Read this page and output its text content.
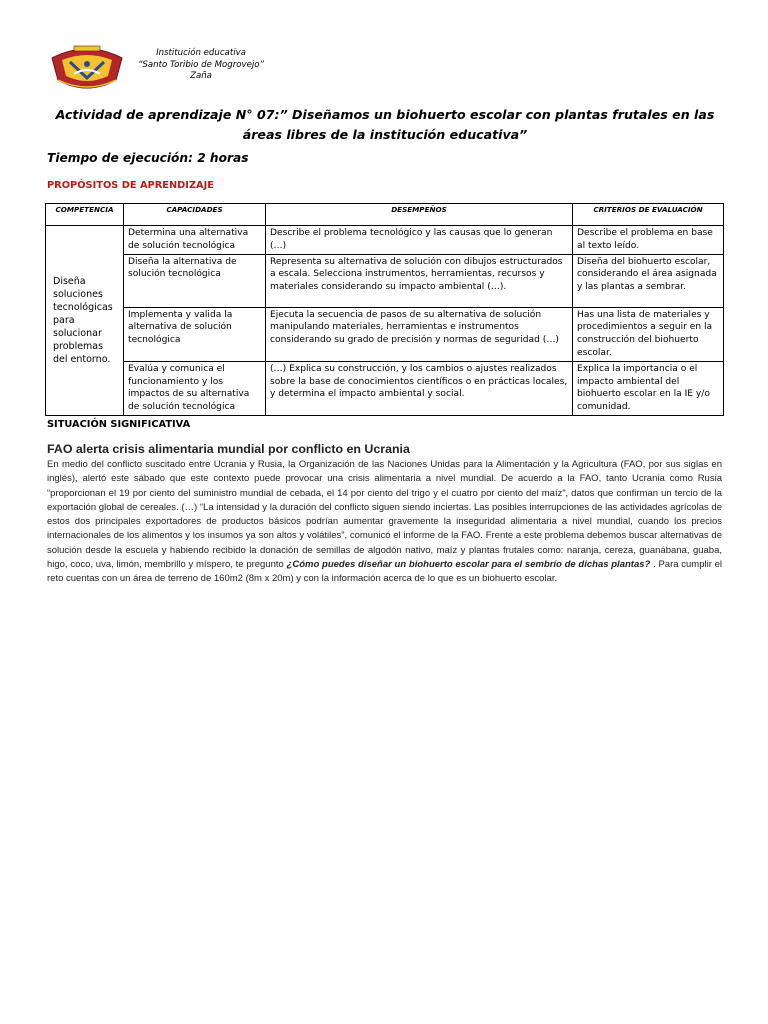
Institución educativa
“Santo Toribio de Mogrovejo”
Zaña
Actividad de aprendizaje N° 07:” Diseñamos un biohuerto escolar con plantas frutales en las áreas libres de la institución educativa”
Tiempo de ejecución: 2 horas
PROPÓSITOS DE APRENDIZAJE
COMPETENCIA	CAPACIDADES	DESEMPEÑOS	CRITERIOS DE EVALUACIÓN
Diseña soluciones tecnológicas para solucionar problemas del entorno.	Determina una alternativa de solución tecnológica	Describe el problema tecnológico y las causas que lo generan (…)	Describe el problema en base al texto leído.
	Diseña la alternativa de solución tecnológica	Representa su alternativa de solución con dibujos estructurados a escala. Selecciona instrumentos, herramientas, recursos y materiales considerando su impacto ambiental (…).	Diseña del biohuerto escolar, considerando el área asignada y las plantas a sembrar.
	Implementa y valida la alternativa de solución tecnológica	Ejecuta la secuencia de pasos de su alternativa de solución manipulando materiales, herramientas e instrumentos considerando su grado de precisión y normas de seguridad (…)	Has una lista de materiales y procedimientos a seguir en la construcción del biohuerto escolar.
	Evalúa y comunica el funcionamiento y los impactos de su alternativa de solución tecnológica	(…) Explica su construcción, y los cambios o ajustes realizados sobre la base de conocimientos científicos o en prácticas locales, y determina el impacto ambiental y social.	Explica la importancia o el impacto ambiental del biohuerto escolar en la IE y/o comunidad.
SITUACIÓN SIGNIFICATIVA
FAO alerta crisis alimentaria mundial por conflicto en Ucrania
En medio del conflicto suscitado entre Ucrania y Rusia, la Organización de las Naciones Unidas para la Alimentación y la Agricultura (FAO, por sus siglas en inglés), alertó este sábado que este contexto puede provocar una crisis alimentaria a nivel mundial. De acuerdo a la FAO, tanto Ucrania como Rusia “proporcionan el 19 por ciento del suministro mundial de cebada, el 14 por ciento del trigo y el cuatro por ciento del maíz”, datos que confirman un tercio de la exportación global de cereales. (…) “La intensidad y la duración del conflicto siguen siendo inciertas. Las posibles interrupciones de las actividades agrícolas de estos dos principales exportadores de productos básicos podrían aumentar gravemente la inseguridad alimentaria a nivel mundial, cuando los precios internacionales de los alimentos y los insumos ya son altos y volátiles”, comunicó el informe de la FAO. Frente a este problema debemos buscar alternativas de solución desde la escuela y habiendo recibido la donación de semillas de algodón nativo, maíz y plantas frutales como: naranja, cereza, guanábana, guaba, higo, coco, uva, limón, membrillo y míspero, te pregunto ¿Cómo puedes diseñar un biohuerto escolar para el sembrío de dichas plantas? . Para cumplir el reto cuentas con un área de terreno de 160m2 (8m x 20m) y con la información acerca de lo que es un biohuerto escolar.
